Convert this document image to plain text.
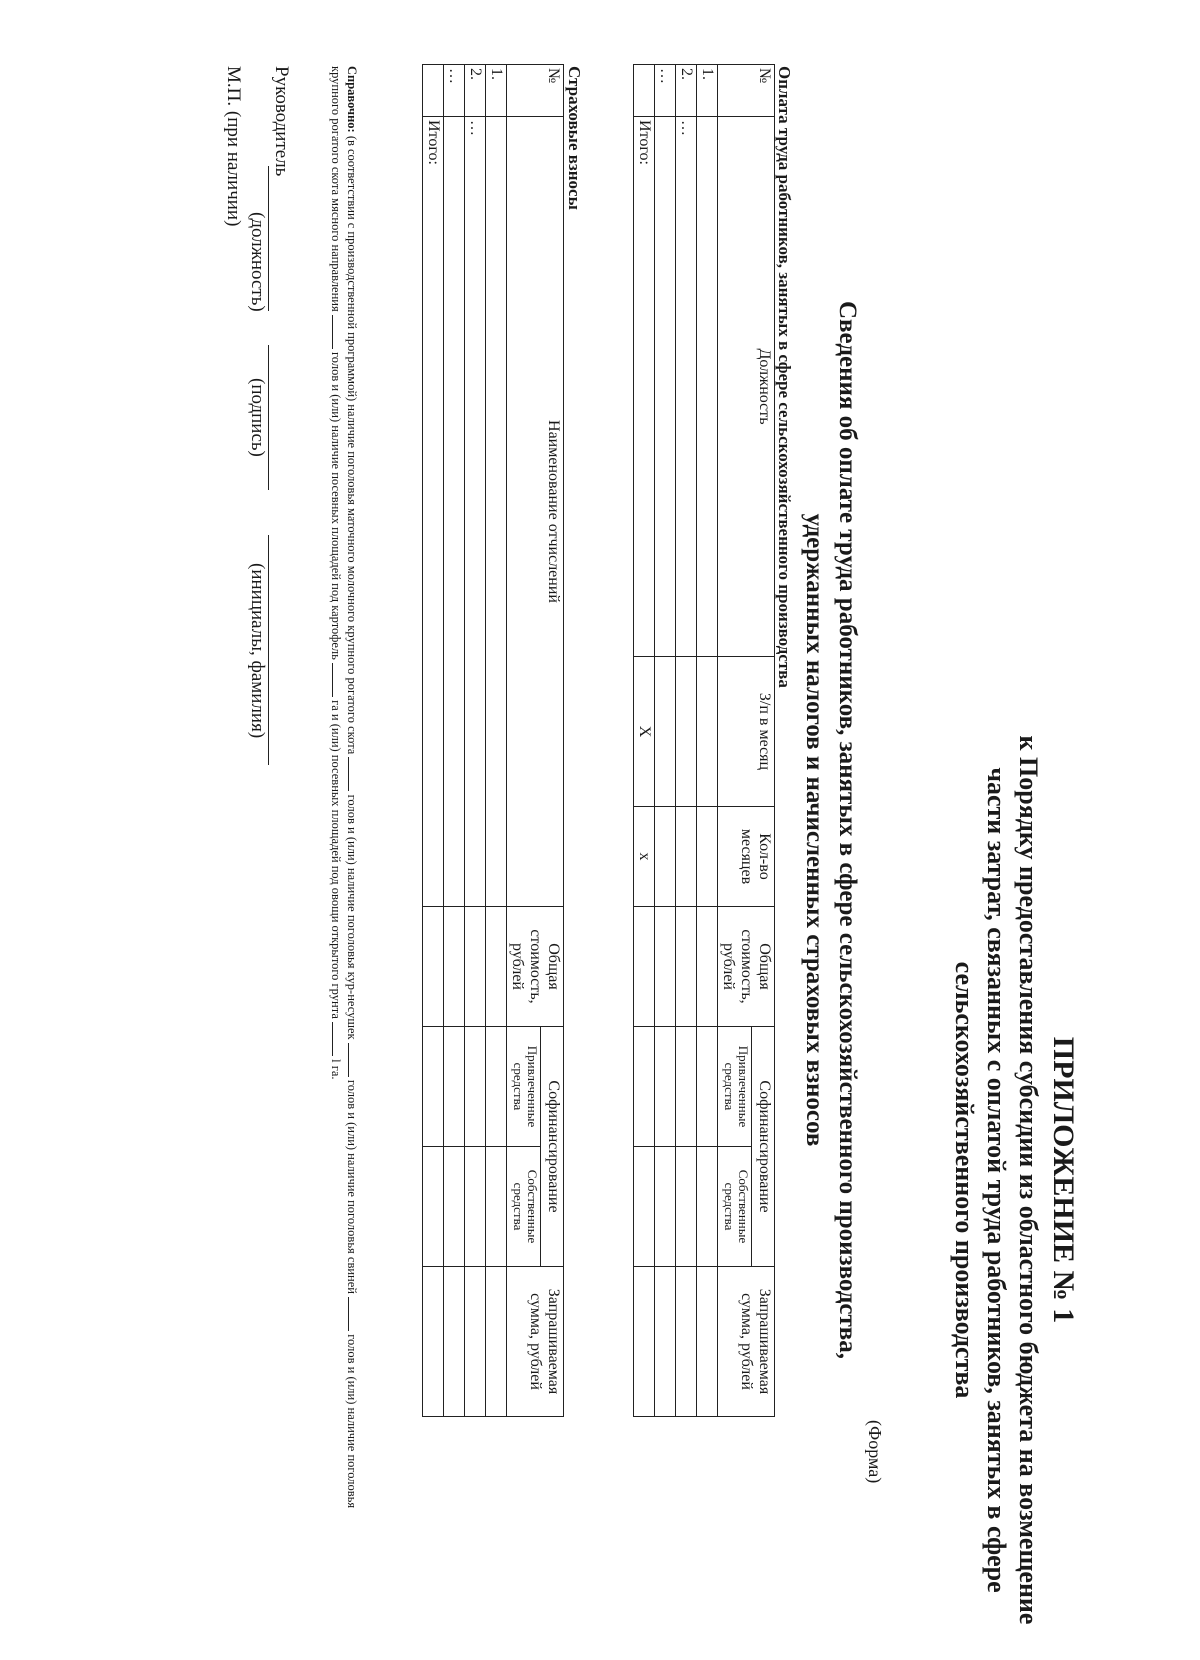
ПРИЛОЖЕНИЕ № 1
к Порядку предоставления субсидии из областного бюджета на возмещение части затрат, связанных с оплатой труда работников, занятых в сфере сельскохозяйственного производства
(Форма)
Сведения об оплате труда работников, занятых в сфере сельскохозяйственного производства, удержанных налогов и начисленных страховых взносов
Оплата труда работников, занятых в сфере сельскохозяйственного производства
№	Должность	З/п в месяц	Кол-во месяцев	Общая стоимость, рублей	Софинансирование		Запрашиваемая сумма, рублей
					Привлеченные средства	Собственные средства	
1.							
2.	…						
…							
	Итого:	Х	х				
Страховые взносы
№	Наименование отчислений	Общая стоимость, рублей	Софинансирование		Запрашиваемая сумма, рублей
			Привлеченные средства	Собственные средства	
1.					
2.	…				
…					
	Итого:				
Справочно: (в соответствии с производственной программой) наличие поголовья маточного молочного крупного рогатого скота  голов и (или) наличие поголовья кур-несушек  голов и (или) наличие поголовья свиней  голов и (или) наличие поголовья крупного рогатого скота мясного направления  голов и (или) наличие посевных площадей под картофель  га и (или) посевных площадей под овощи открытого грунта  l га.
Руководитель
(должность)
(подпись)
(инициалы, фамилия)
М.П. (при наличии)
